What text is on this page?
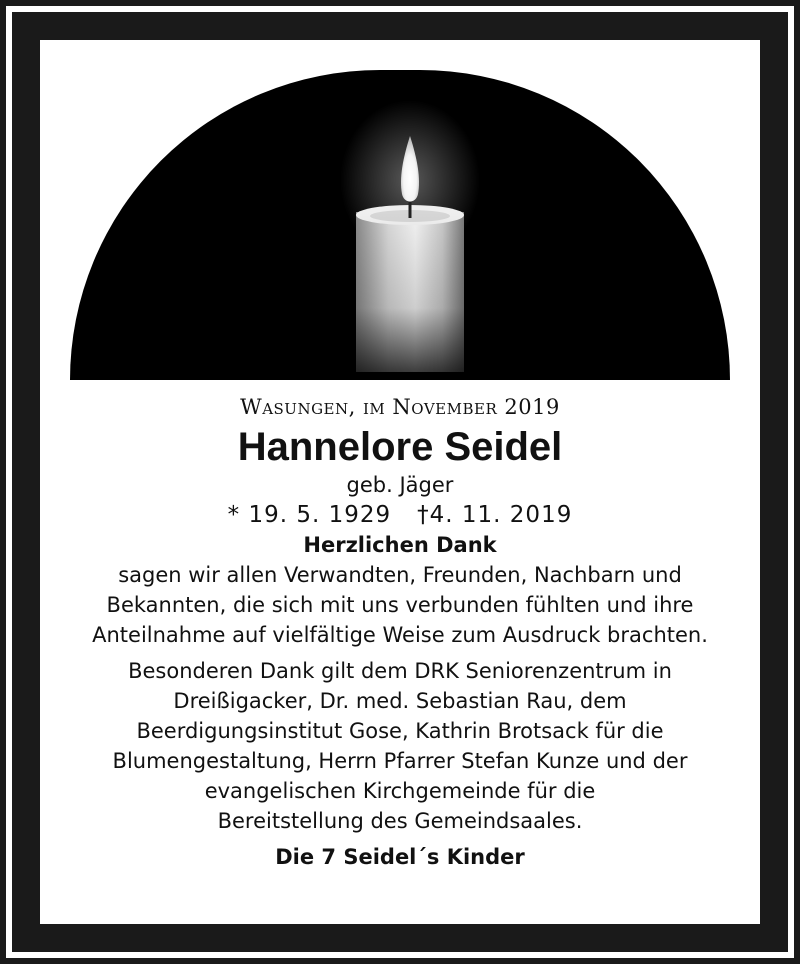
Wasungen, im November 2019
Hannelore Seidel
geb. Jäger
* 19. 5. 1929 †4. 11. 2019
Herzlichen Dank
sagen wir allen Verwandten, Freunden, Nachbarn und
Bekannten, die sich mit uns verbunden fühlten und ihre
Anteilnahme auf vielfältige Weise zum Ausdruck brachten.
Besonderen Dank gilt dem DRK Seniorenzentrum in
Dreißigacker, Dr. med. Sebastian Rau, dem
Beerdigungsinstitut Gose, Kathrin Brotsack für die
Blumengestaltung, Herrn Pfarrer Stefan Kunze und der
evangelischen Kirchgemeinde für die
Bereitstellung des Gemeindsaales.
Die 7 Seidel´s Kinder
